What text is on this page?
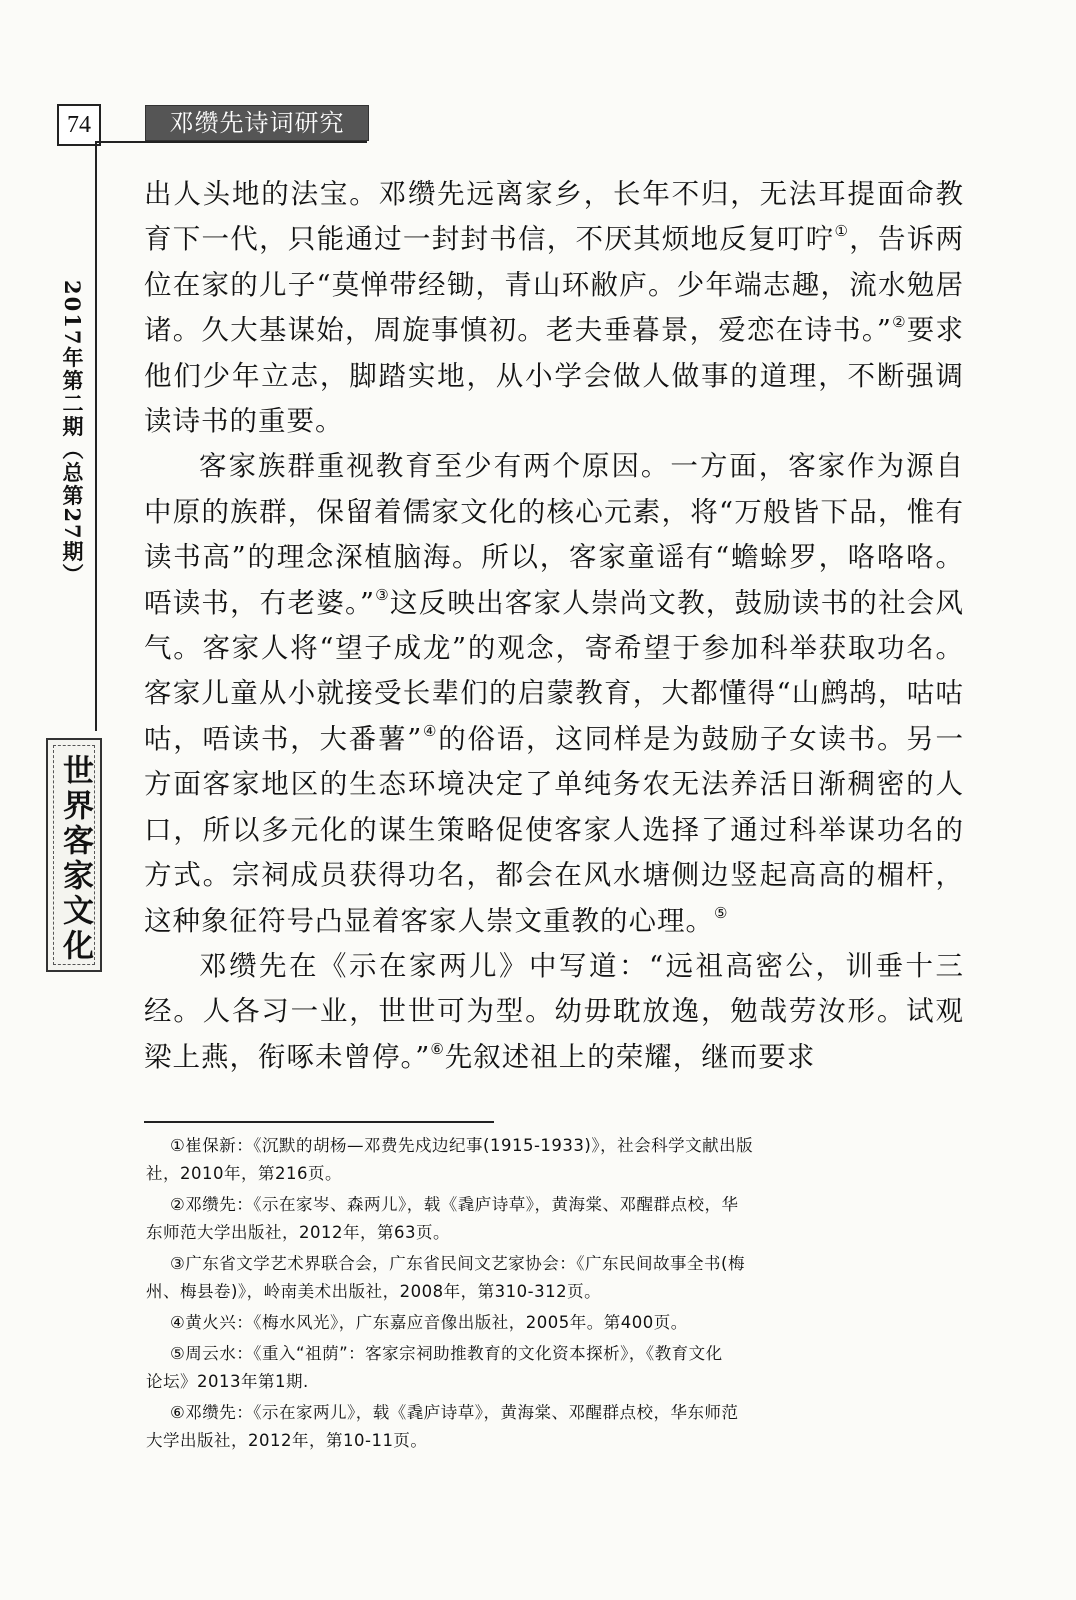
74	邓缵先诗词研究
2017年第二期（总第27期）
世界客家文化

出人头地的法宝。邓缵先远离家乡，长年不归，无法耳提面命教育下一代，只能通过一封封书信，不厌其烦地反复叮咛①，告诉两位在家的儿子“莫惮带经锄，青山环敝庐。少年端志趣，流水勉居诸。久大基谋始，周旋事慎初。老夫垂暮景，爱恋在诗书。”②要求他们少年立志，脚踏实地，从小学会做人做事的道理，不断强调读诗书的重要。

客家族群重视教育至少有两个原因。一方面，客家作为源自中原的族群，保留着儒家文化的核心元素，将“万般皆下品，惟有读书高”的理念深植脑海。所以，客家童谣有“蟾蜍罗，咯咯咯。唔读书，冇老婆。”③这反映出客家人崇尚文教，鼓励读书的社会风气。客家人将“望子成龙”的观念，寄希望于参加科举获取功名。客家儿童从小就接受长辈们的启蒙教育，大都懂得“山鹧鸪，咕咕咕，唔读书，大番薯”④的俗语，这同样是为鼓励子女读书。另一方面客家地区的生态环境决定了单纯务农无法养活日渐稠密的人口，所以多元化的谋生策略促使客家人选择了通过科举谋功名的方式。宗祠成员获得功名，都会在风水塘侧边竖起高高的楣杆，这种象征符号凸显着客家人崇文重教的心理。⑤

邓缵先在《示在家两儿》中写道：“远祖高密公，训垂十三经。人各习一业，世世可为型。幼毋耽放逸，勉哉劳汝形。试观梁上燕，衔啄未曾停。”⑥先叙述祖上的荣耀，继而要求

①崔保新：《沉默的胡杨—邓费先戍边纪事(1915-1933)》，社会科学文献出版
社，2010年，第216页。
②邓缵先：《示在家岑、森两儿》，载《毳庐诗草》，黄海棠、邓醒群点校，华
东师范大学出版社，2012年，第63页。
③广东省文学艺术界联合会，广东省民间文艺家协会：《广东民间故事全书(梅
州、梅县卷)》，岭南美术出版社，2008年，第310-312页。
④黄火兴：《梅水风光》，广东嘉应音像出版社，2005年。第400页。
⑤周云水：《重入“祖荫”：客家宗祠助推教育的文化资本探析》，《教育文化
论坛》2013年第1期.
⑥邓缵先：《示在家两儿》，载《毳庐诗草》，黄海棠、邓醒群点校，华东师范
大学出版社，2012年，第10-11页。
